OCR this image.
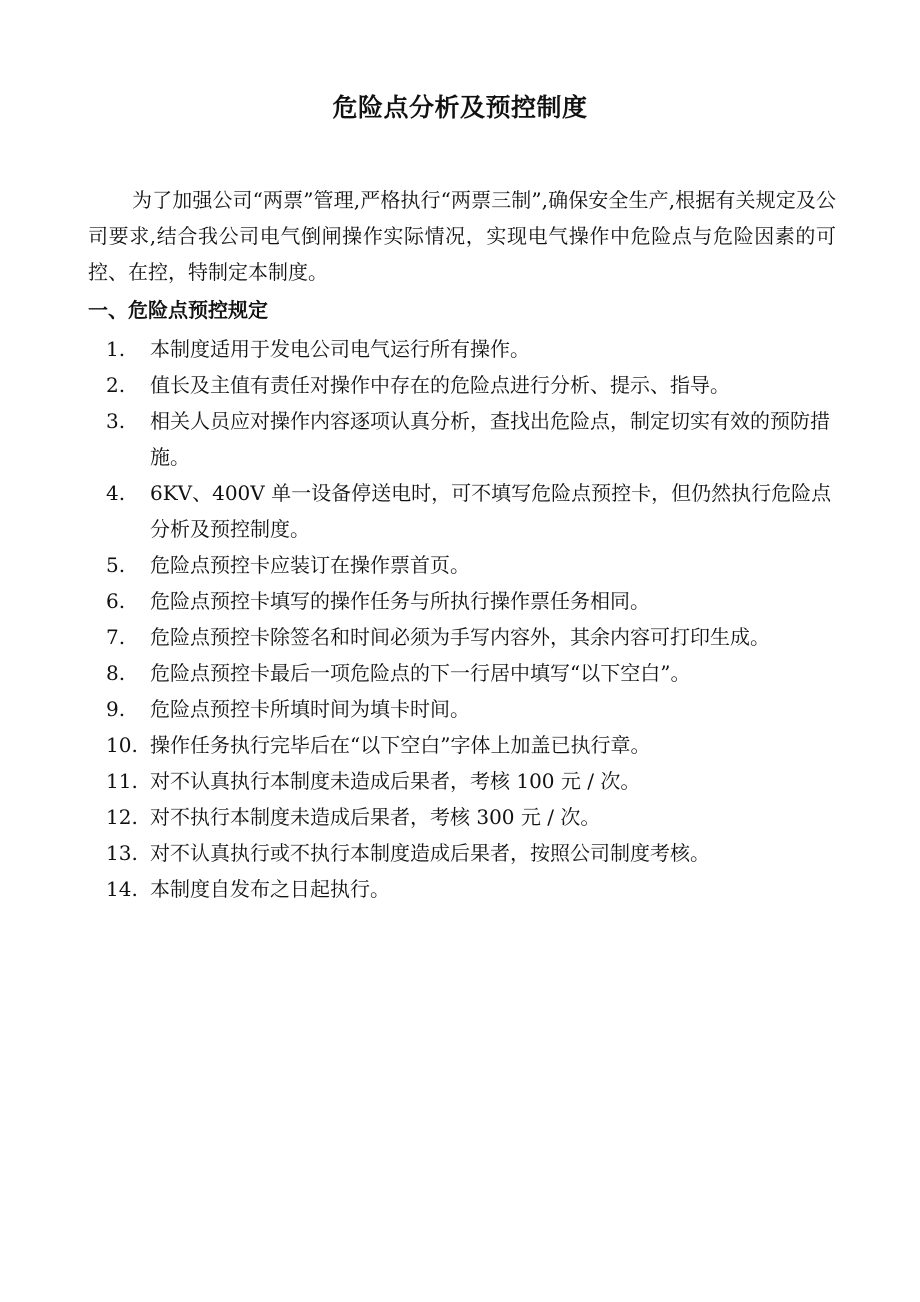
危险点分析及预控制度
为了加强公司“两票”管理,严格执行“两票三制”,确保安全生产,根据有关规定及公司要求,结合我公司电气倒闸操作实际情况，实现电气操作中危险点与危险因素的可控、在控，特制定本制度。
一、危险点预控规定
1.	本制度适用于发电公司电气运行所有操作。
2.	值长及主值有责任对操作中存在的危险点进行分析、提示、指导。
3.	相关人员应对操作内容逐项认真分析，查找出危险点，制定切实有效的预防措施。
4.	6KV、400V 单一设备停送电时，可不填写危险点预控卡，但仍然执行危险点分析及预控制度。
5.	危险点预控卡应装订在操作票首页。
6.	危险点预控卡填写的操作任务与所执行操作票任务相同。
7.	危险点预控卡除签名和时间必须为手写内容外，其余内容可打印生成。
8.	危险点预控卡最后一项危险点的下一行居中填写“以下空白”。
9.	危险点预控卡所填时间为填卡时间。
10. 操作任务执行完毕后在“以下空白”字体上加盖已执行章。
11. 对不认真执行本制度未造成后果者，考核 100 元 / 次。
12. 对不执行本制度未造成后果者，考核 300 元 / 次。
13. 对不认真执行或不执行本制度造成后果者，按照公司制度考核。
14. 本制度自发布之日起执行。
